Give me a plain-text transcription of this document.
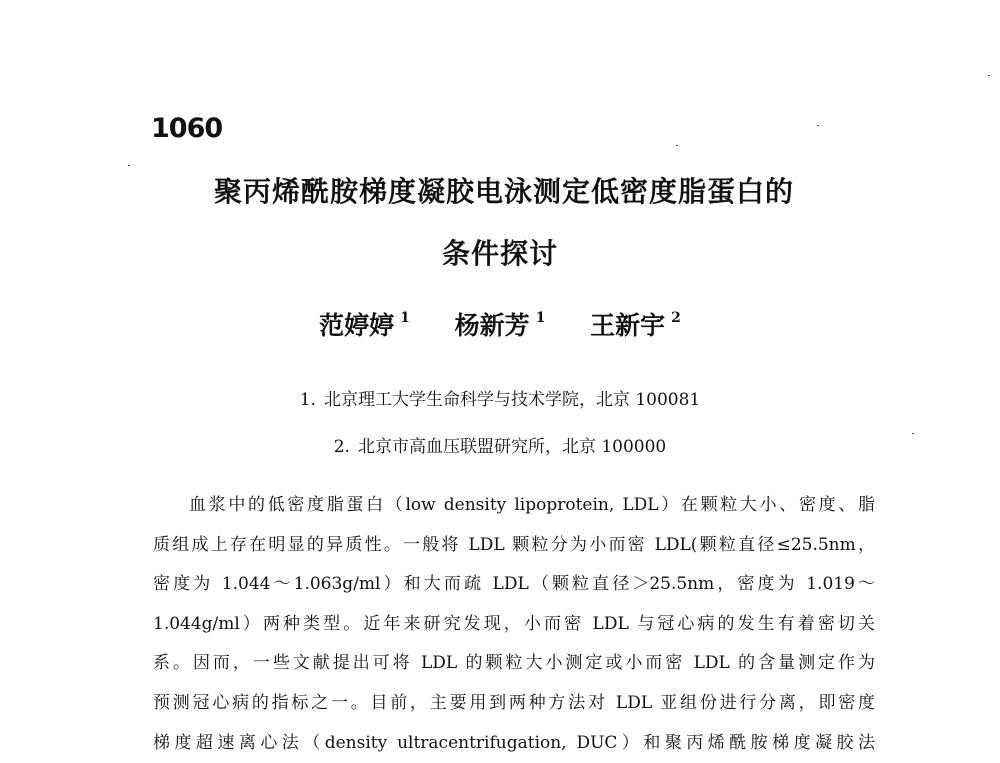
1060
聚丙烯酰胺梯度凝胶电泳测定低密度脂蛋白的
条件探讨
范婷婷 $^1$ 杨新芳 $^1$ 王新宇 $^2$
1. 北京理工大学生命科学与技术学院，北京 100081
2. 北京市高血压联盟研究所，北京 100000
血浆中的低密度脂蛋白（low density lipoprotein, LDL）在颗粒大小、密度、脂
质组成上存在明显的异质性。一般将 LDL 颗粒分为小而密 LDL(颗粒直径≤25.5nm，
密度为 1.044～1.063g/ml）和大而疏 LDL（颗粒直径＞25.5nm，密度为 1.019～
1.044g/ml）两种类型。近年来研究发现，小而密 LDL 与冠心病的发生有着密切关
系。因而，一些文献提出可将 LDL 的颗粒大小测定或小而密 LDL 的含量测定作为
预测冠心病的指标之一。目前，主要用到两种方法对 LDL 亚组份进行分离，即密度
梯度超速离心法（density ultracentrifugation, DUC）和聚丙烯酰胺梯度凝胶法
